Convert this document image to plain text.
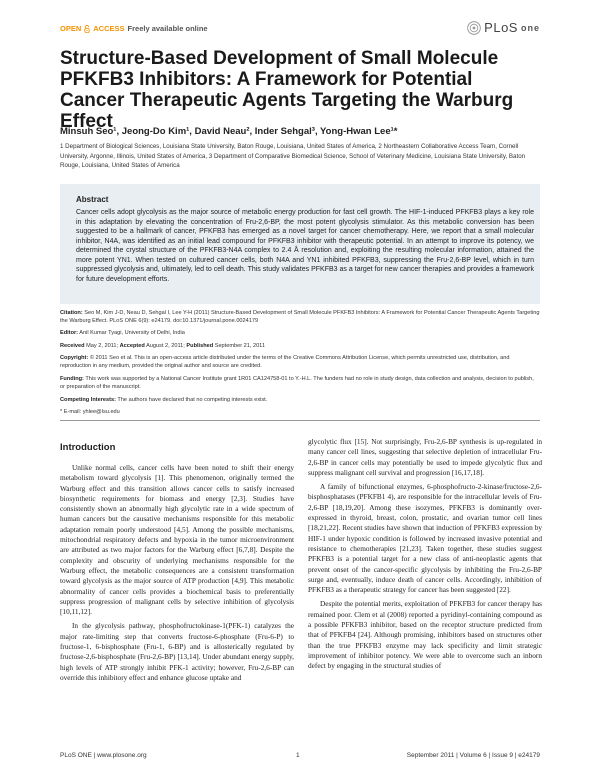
OPEN ACCESS Freely available online	PLoS one
Structure-Based Development of Small Molecule PFKFB3 Inhibitors: A Framework for Potential Cancer Therapeutic Agents Targeting the Warburg Effect
Minsuh Seo¹, Jeong-Do Kim¹, David Neau², Inder Sehgal³, Yong-Hwan Lee¹*
1 Department of Biological Sciences, Louisiana State University, Baton Rouge, Louisiana, United States of America, 2 Northeastern Collaborative Access Team, Cornell University, Argonne, Illinois, United States of America, 3 Department of Comparative Biomedical Science, School of Veterinary Medicine, Louisiana State University, Baton Rouge, Louisiana, United States of America
Abstract
Cancer cells adopt glycolysis as the major source of metabolic energy production for fast cell growth. The HIF-1-induced PFKFB3 plays a key role in this adaptation by elevating the concentration of Fru-2,6-BP, the most potent glycolysis stimulator. As this metabolic conversion has been suggested to be a hallmark of cancer, PFKFB3 has emerged as a novel target for cancer chemotherapy. Here, we report that a small molecular inhibitor, N4A, was identified as an initial lead compound for PFKFB3 inhibitor with therapeutic potential. In an attempt to improve its potency, we determined the crystal structure of the PFKFB3-N4A complex to 2.4 Å resolution and, exploiting the resulting molecular information, attained the more potent YN1. When tested on cultured cancer cells, both N4A and YN1 inhibited PFKFB3, suppressing the Fru-2,6-BP level, which in turn suppressed glycolysis and, ultimately, led to cell death. This study validates PFKFB3 as a target for new cancer therapies and provides a framework for future development efforts.
Citation: Seo M, Kim J-D, Neau D, Sehgal I, Lee Y-H (2011) Structure-Based Development of Small Molecule PFKFB3 Inhibitors: A Framework for Potential Cancer Therapeutic Agents Targeting the Warburg Effect. PLoS ONE 6(9): e24179. doi:10.1371/journal.pone.0024179
Editor: Anil Kumar Tyagi, University of Delhi, India
Received May 2, 2011; Accepted August 2, 2011; Published September 21, 2011
Copyright: © 2011 Seo et al. This is an open-access article distributed under the terms of the Creative Commons Attribution License, which permits unrestricted use, distribution, and reproduction in any medium, provided the original author and source are credited.
Funding: This work was supported by a National Cancer Institute grant 1R01 CA124758-01 to Y.-H.L. The funders had no role in study design, data collection and analysis, decision to publish, or preparation of the manuscript.
Competing Interests: The authors have declared that no competing interests exist.
* E-mail: yhlee@lsu.edu
Introduction

Unlike normal cells, cancer cells have been noted to shift their energy metabolism toward glycolysis [1]. This phenomenon, originally termed the Warburg effect and this transition allows cancer cells to satisfy increased biosynthetic requirements for biomass and energy [2,3]. Studies have consistently shown an abnormally high glycolytic rate in a wide spectrum of human cancers but the causative mechanisms responsible for this metabolic adaptation remain poorly understood [4,5]. Among the possible mechanisms, mitochondrial respiratory defects and hypoxia in the tumor microenvironment are attributed as two major factors for the Warburg effect [6,7,8]. Despite the complexity and obscurity of underlying mechanisms responsible for the Warburg effect, the metabolic consequences are a consistent transformation toward glycolysis as the major source of ATP production [4,9]. This metabolic abnormality of cancer cells provides a biochemical basis to preferentially suppress progression of malignant cells by selective inhibition of glycolysis [10,11,12].

In the glycolysis pathway, phosphofructokinase-1(PFK-1) catalyzes the major rate-limiting step that converts fructose-6-phosphate (Fru-6-P) to fructose-1, 6-bisphosphate (Fru-1, 6-BP) and is allosterically regulated by fructose-2,6-bisphosphate (Fru-2,6-BP) [13,14]. Under abundant energy supply, high levels of ATP strongly inhibit PFK-1 activity; however, Fru-2,6-BP can override this inhibitory effect and enhance glucose uptake and

glycolytic flux [15]. Not surprisingly, Fru-2,6-BP synthesis is up-regulated in many cancer cell lines, suggesting that selective depletion of intracellular Fru-2,6-BP in cancer cells may potentially be used to impede glycolytic flux and suppress malignant cell survival and progression [16,17,18].

A family of bifunctional enzymes, 6-phosphofructo-2-kinase/fructose-2,6-bisphosphatases (PFKFB1 4), are responsible for the intracellular levels of Fru-2,6-BP [18,19,20]. Among these isozymes, PFKFB3 is dominantly over-expressed in thyroid, breast, colon, prostatic, and ovarian tumor cell lines [18,21,22]. Recent studies have shown that induction of PFKFB3 expression by HIF-1 under hypoxic condition is followed by increased invasive potential and resistance to chemotherapies [21,23]. Taken together, these studies suggest PFKFB3 is a potential target for a new class of anti-neoplastic agents that prevent onset of the cancer-specific glycolysis by inhibiting the Fru-2,6-BP surge and, eventually, induce death of cancer cells. Accordingly, inhibition of PFKFB3 as a therapeutic strategy for cancer has been suggested [22].

Despite the potential merits, exploitation of PFKFB3 for cancer therapy has remained poor. Clem et al (2008) reported a pyridinyl-containing compound as a possible PFKFB3 inhibitor, based on the receptor structure predicted from that of PFKFB4 [24]. Although promising, inhibitors based on structures other than the true PFKFB3 enzyme may lack specificity and limit strategic improvement of inhibitor potency. We were able to overcome such an inborn defect by engaging in the structural studies of

PLoS ONE | www.plosone.org	1	September 2011 | Volume 6 | Issue 9 | e24179
